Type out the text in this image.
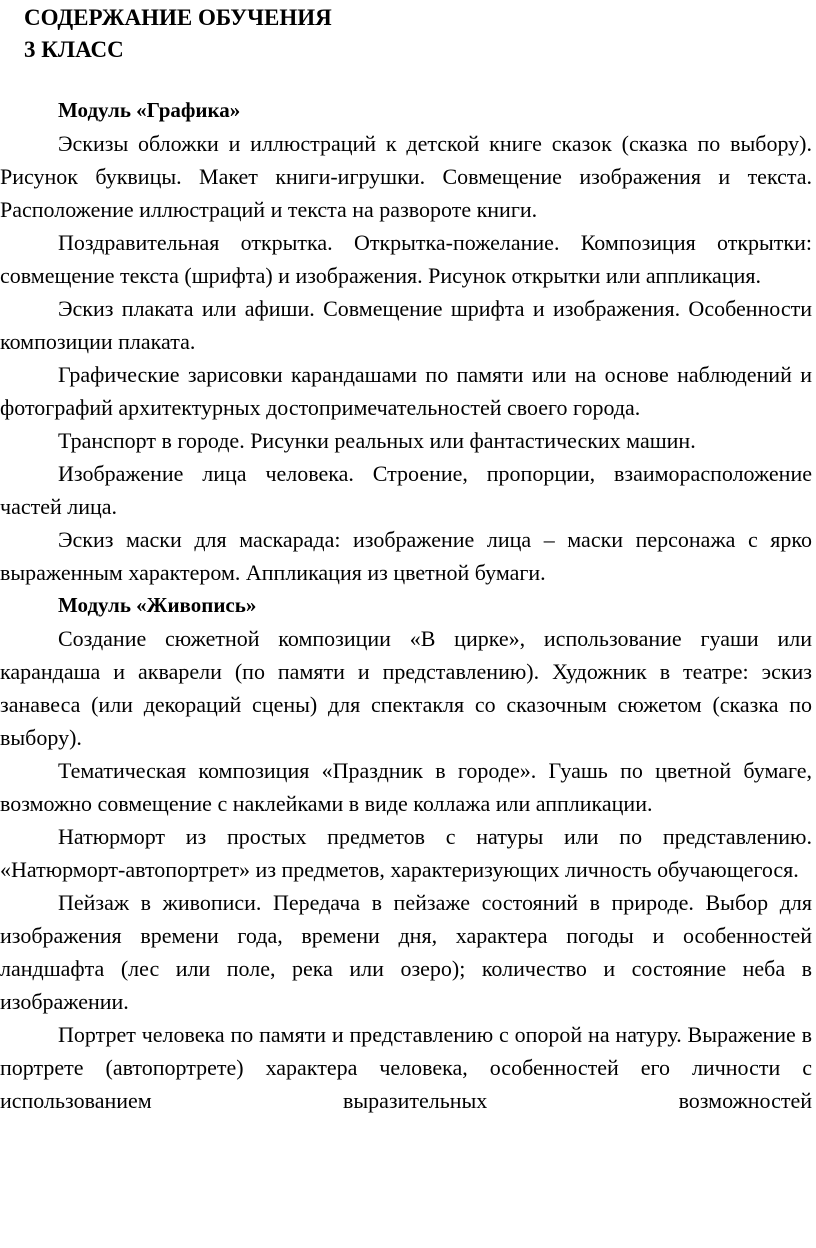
СОДЕРЖАНИЕ ОБУЧЕНИЯ
3 КЛАСС
Модуль «Графика»

Эскизы обложки и иллюстраций к детской книге сказок (сказка по выбору). Рисунок буквицы. Макет книги-игрушки. Совмещение изображения и текста. Расположение иллюстраций и текста на развороте книги.

Поздравительная открытка. Открытка-пожелание. Композиция открытки: совмещение текста (шрифта) и изображения. Рисунок открытки или аппликация.

Эскиз плаката или афиши. Совмещение шрифта и изображения. Особенности композиции плаката.

Графические зарисовки карандашами по памяти или на основе наблюдений и фотографий архитектурных достопримечательностей своего города.

Транспорт в городе. Рисунки реальных или фантастических машин.

Изображение лица человека. Строение, пропорции, взаиморасположение частей лица.

Эскиз маски для маскарада: изображение лица – маски персонажа с ярко выраженным характером. Аппликация из цветной бумаги.

Модуль «Живопись»

Создание сюжетной композиции «В цирке», использование гуаши или карандаша и акварели (по памяти и представлению). Художник в театре: эскиз занавеса (или декораций сцены) для спектакля со сказочным сюжетом (сказка по выбору).

Тематическая композиция «Праздник в городе». Гуашь по цветной бумаге, возможно совмещение с наклейками в виде коллажа или аппликации.

Натюрморт из простых предметов с натуры или по представлению. «Натюрморт-автопортрет» из предметов, характеризующих личность обучающегося.

Пейзаж в живописи. Передача в пейзаже состояний в природе. Выбор для изображения времени года, времени дня, характера погоды и особенностей ландшафта (лес или поле, река или озеро); количество и состояние неба в изображении.

Портрет человека по памяти и представлению с опорой на натуру. Выражение в портрете (автопортрете) характера человека, особенностей его личности с использованием выразительных возможностей
